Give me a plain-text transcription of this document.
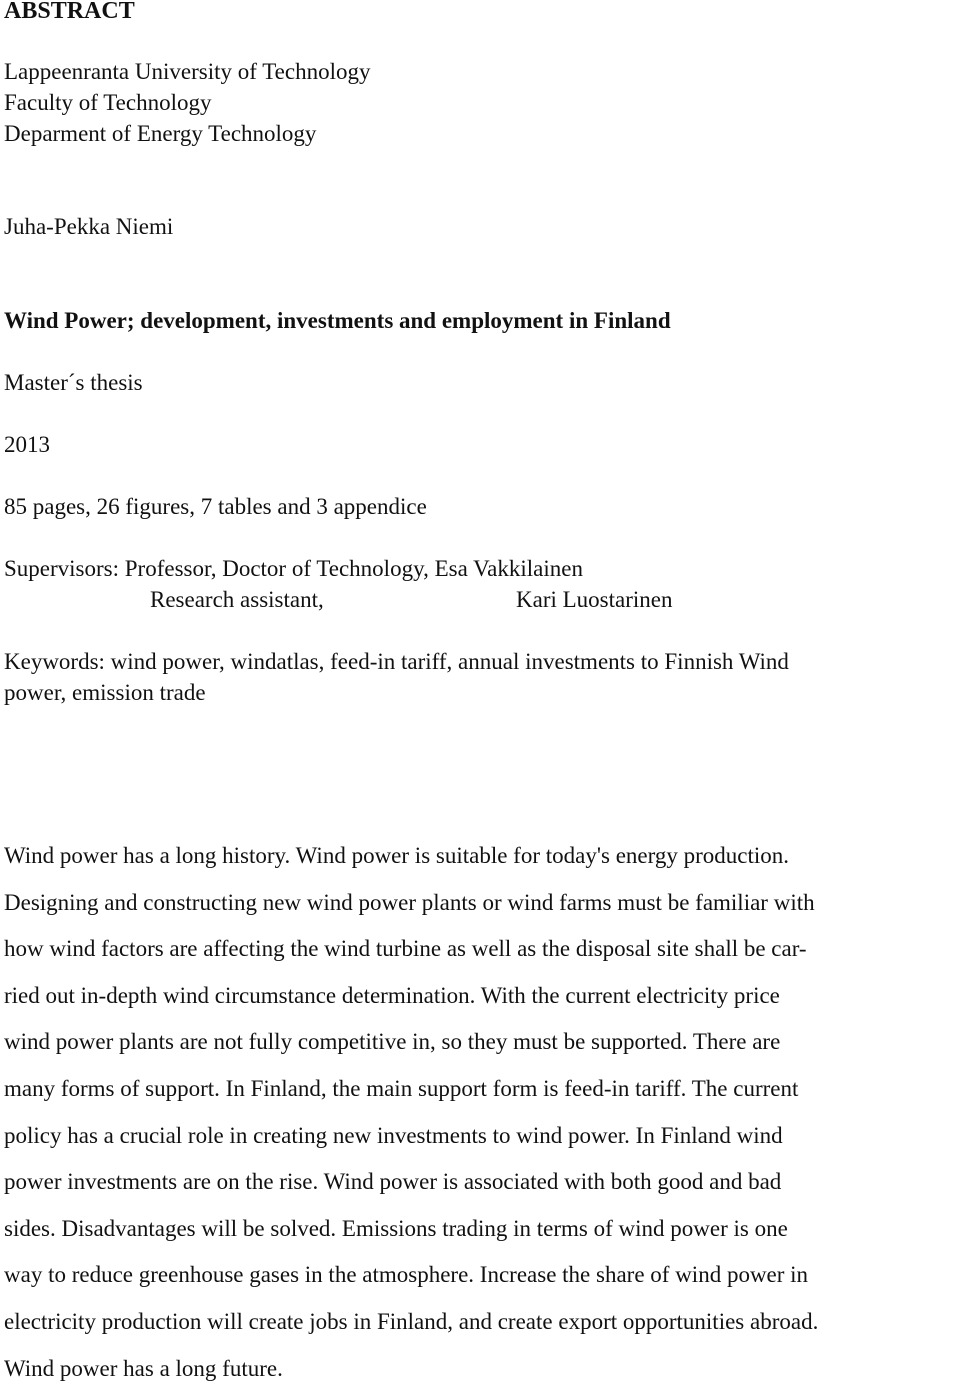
ABSTRACT
Lappeenranta University of Technology
Faculty of Technology
Deparment of Energy Technology
Juha-Pekka Niemi
Wind Power; development, investments and employment in Finland
Master´s thesis
2013
85 pages, 26 figures, 7 tables and 3 appendice
Supervisors: Professor, Doctor of Technology, Esa Vakkilainen
Research assistant,	Kari Luostarinen
Keywords: wind power, windatlas, feed-in tariff, annual investments to Finnish Wind
power, emission trade
Wind power has a long history. Wind power is suitable for today's energy production.
Designing and constructing new wind power plants or wind farms must be familiar with
how wind factors are affecting the wind turbine as well as the disposal site shall be car-
ried out in-depth wind circumstance determination. With the current electricity price
wind power plants are not fully competitive in, so they must be supported. There are
many forms of support. In Finland, the main support form is feed-in tariff. The current
policy has a crucial role in creating new investments to wind power. In Finland wind
power investments are on the rise. Wind power is associated with both good and bad
sides. Disadvantages will be solved. Emissions trading in terms of wind power is one
way to reduce greenhouse gases in the atmosphere. Increase the share of wind power in
electricity production will create jobs in Finland, and create export opportunities abroad.
Wind power has a long future.
